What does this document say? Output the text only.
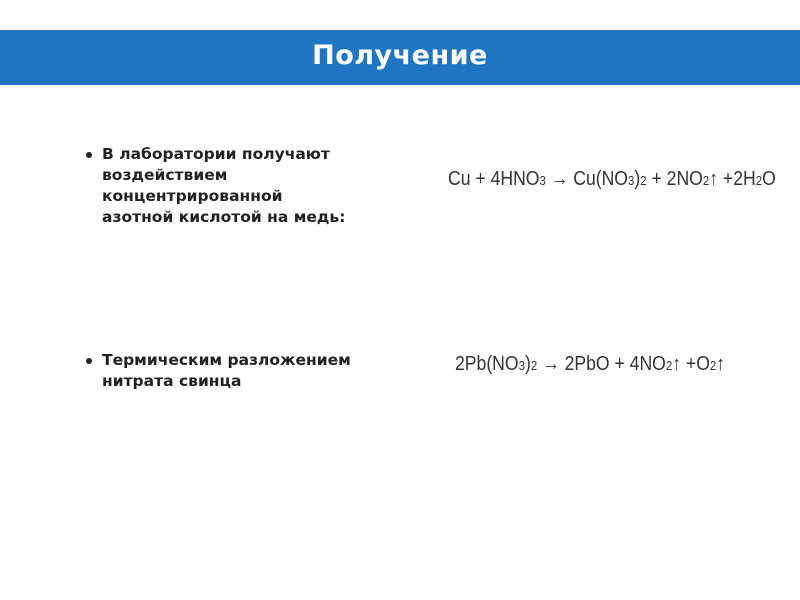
Получение
В лаборатории получают
воздействием
концентрированной
азотной кислотой на медь:
Cu + 4HNO 3 → Cu(NO 3 ) 2 + 2NO 2 ↑ + 2H 2 O
Термическим разложением
нитрата свинца
2Pb(NO 3 ) 2 → 2PbO + 4NO 2 ↑ + O 2 ↑
